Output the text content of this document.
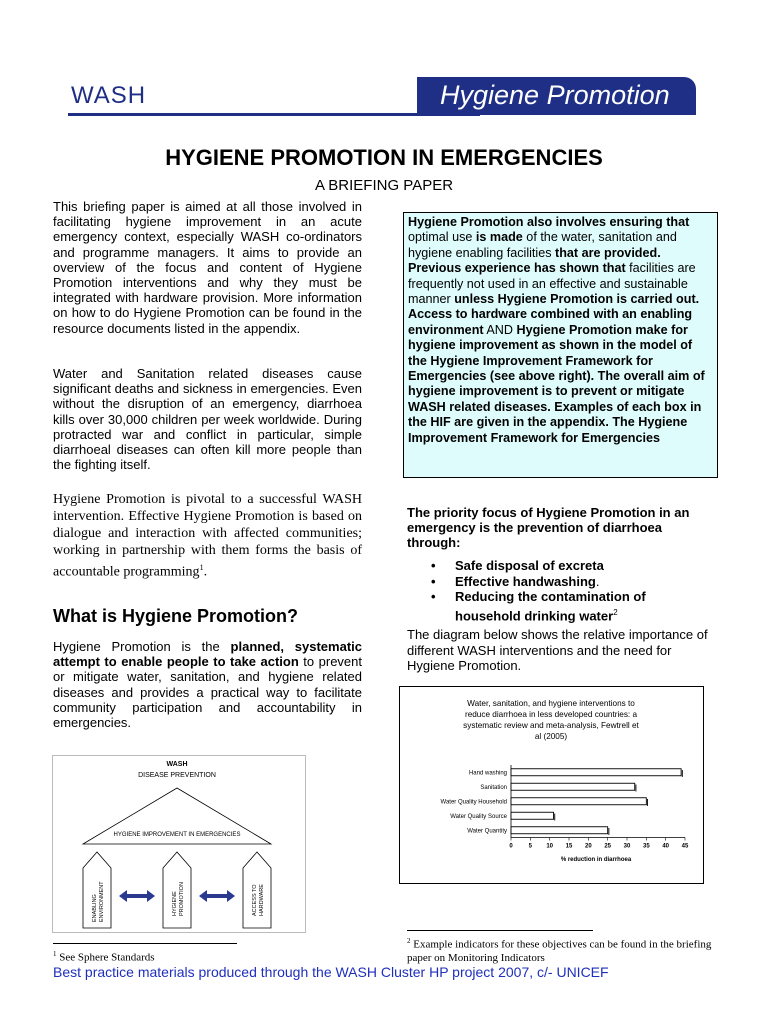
WASH	Hygiene Promotion
HYGIENE PROMOTION IN EMERGENCIES
A BRIEFING PAPER
This briefing paper is aimed at all those involved in facilitating hygiene improvement in an acute emergency context, especially WASH co-ordinators and programme managers. It aims to provide an overview of the focus and content of Hygiene Promotion interventions and why they must be integrated with hardware provision. More information on how to do Hygiene Promotion can be found in the resource documents listed in the appendix.
Water and Sanitation related diseases cause significant deaths and sickness in emergencies. Even without the disruption of an emergency, diarrhoea kills over 30,000 children per week worldwide. During protracted war and conflict in particular, simple diarrhoeal diseases can often kill more people than the fighting itself.
Hygiene Promotion is pivotal to a successful WASH intervention. Effective Hygiene Promotion is based on dialogue and interaction with affected communities; working in partnership with them forms the basis of accountable programming$^1$.
What is Hygiene Promotion?
Hygiene Promotion is the planned, systematic attempt to enable people to take action to prevent or mitigate water, sanitation, and hygiene related diseases and provides a practical way to facilitate community participation and accountability in emergencies.
WASH
DISEASE PREVENTION
HYGIENE IMPROVEMENT IN EMERGENCIES
ENABLING ENVIRONMENT	HYGIENE PROMOTION	ACCESS TO HARDWARE
$^1$ See Sphere Standards
Hygiene Promotion also involves ensuring that optimal use is made of the water, sanitation and hygiene enabling facilities that are provided. Previous experience has shown that facilities are frequently not used in an effective and sustainable manner unless Hygiene Promotion is carried out. Access to hardware combined with an enabling environment AND Hygiene Promotion make for hygiene improvement as shown in the model of the Hygiene Improvement Framework for Emergencies (see above right). The overall aim of hygiene improvement is to prevent or mitigate WASH related diseases. Examples of each box in the HIF are given in the appendix. The Hygiene Improvement Framework for Emergencies
The priority focus of Hygiene Promotion in an emergency is the prevention of diarrhoea through:
• Safe disposal of excreta
• Effective handwashing.
• Reducing the contamination of household drinking water$^2$
The diagram below shows the relative importance of different WASH interventions and the need for Hygiene Promotion.
Water, sanitation, and hygiene interventions to
reduce diarrhoea in less developed countries: a
systematic review and meta-analysis, Fewtrell et
al (2005)
Hand washing
Sanitation
Water Quality Household
Water Quality Source
Water Quantity
0	5 10 15 20 25 30 35 40 45
% reduction in diarrhoea
$^2$ Example indicators for these objectives can be found in the briefing paper on Monitoring Indicators
Best practice materials produced through the WASH Cluster HP project 2007, c/- UNICEF
